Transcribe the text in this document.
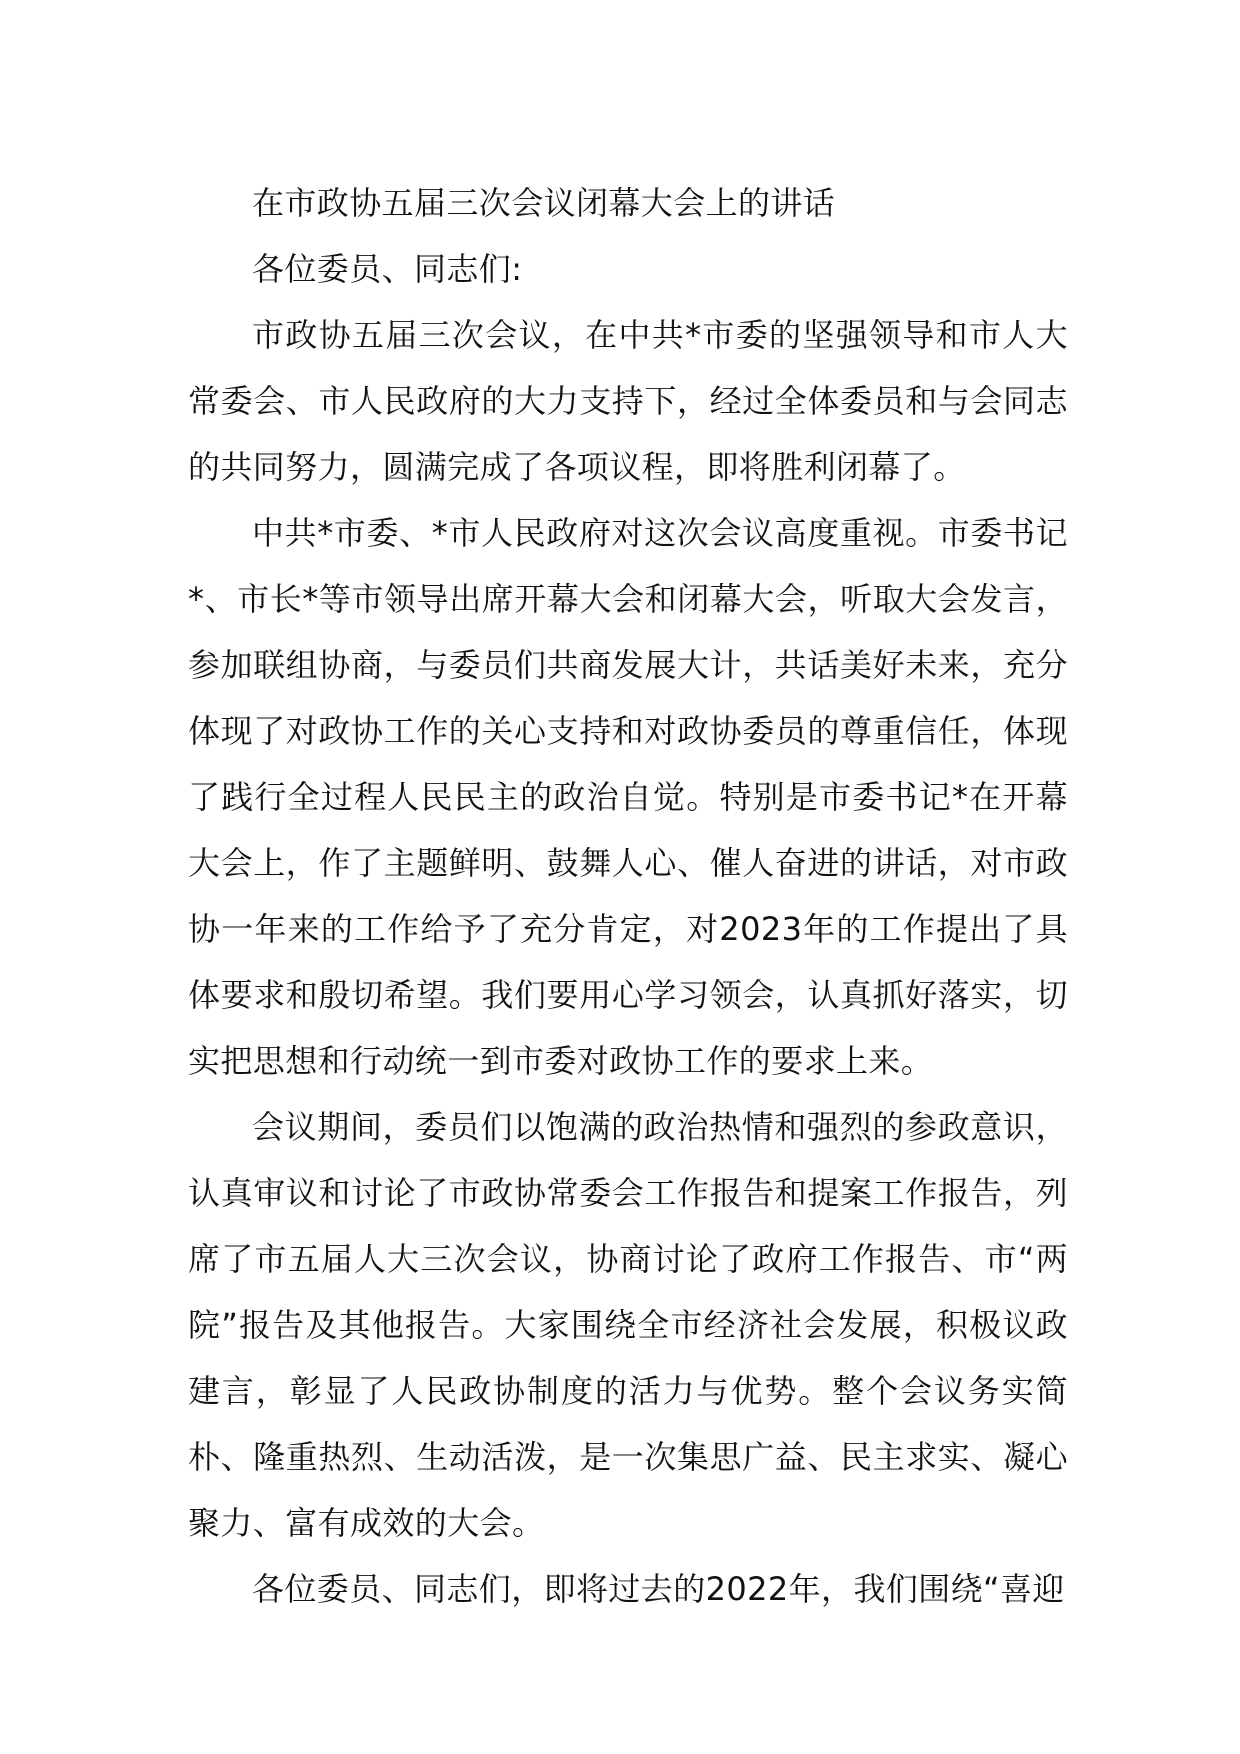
在市政协五届三次会议闭幕大会上的讲话

各位委员、同志们:

市政协五届三次会议，在中共*市委的坚强领导和市人大常委会、市人民政府的大力支持下，经过全体委员和与会同志的共同努力，圆满完成了各项议程，即将胜利闭幕了。

中共*市委、*市人民政府对这次会议高度重视。市委书记*、市长*等市领导出席开幕大会和闭幕大会，听取大会发言，参加联组协商，与委员们共商发展大计，共话美好未来，充分体现了对政协工作的关心支持和对政协委员的尊重信任，体现了践行全过程人民民主的政治自觉。特别是市委书记*在开幕大会上，作了主题鲜明、鼓舞人心、催人奋进的讲话，对市政协一年来的工作给予了充分肯定，对2023年的工作提出了具体要求和殷切希望。我们要用心学习领会，认真抓好落实，切实把思想和行动统一到市委对政协工作的要求上来。

会议期间，委员们以饱满的政治热情和强烈的参政意识，认真审议和讨论了市政协常委会工作报告和提案工作报告，列席了市五届人大三次会议，协商讨论了政府工作报告、市“两院”报告及其他报告。大家围绕全市经济社会发展，积极议政建言，彰显了人民政协制度的活力与优势。整个会议务实简朴、隆重热烈、生动活泼，是一次集思广益、民主求实、凝心聚力、富有成效的大会。

各位委员、同志们，即将过去的2022年，我们围绕“喜迎
